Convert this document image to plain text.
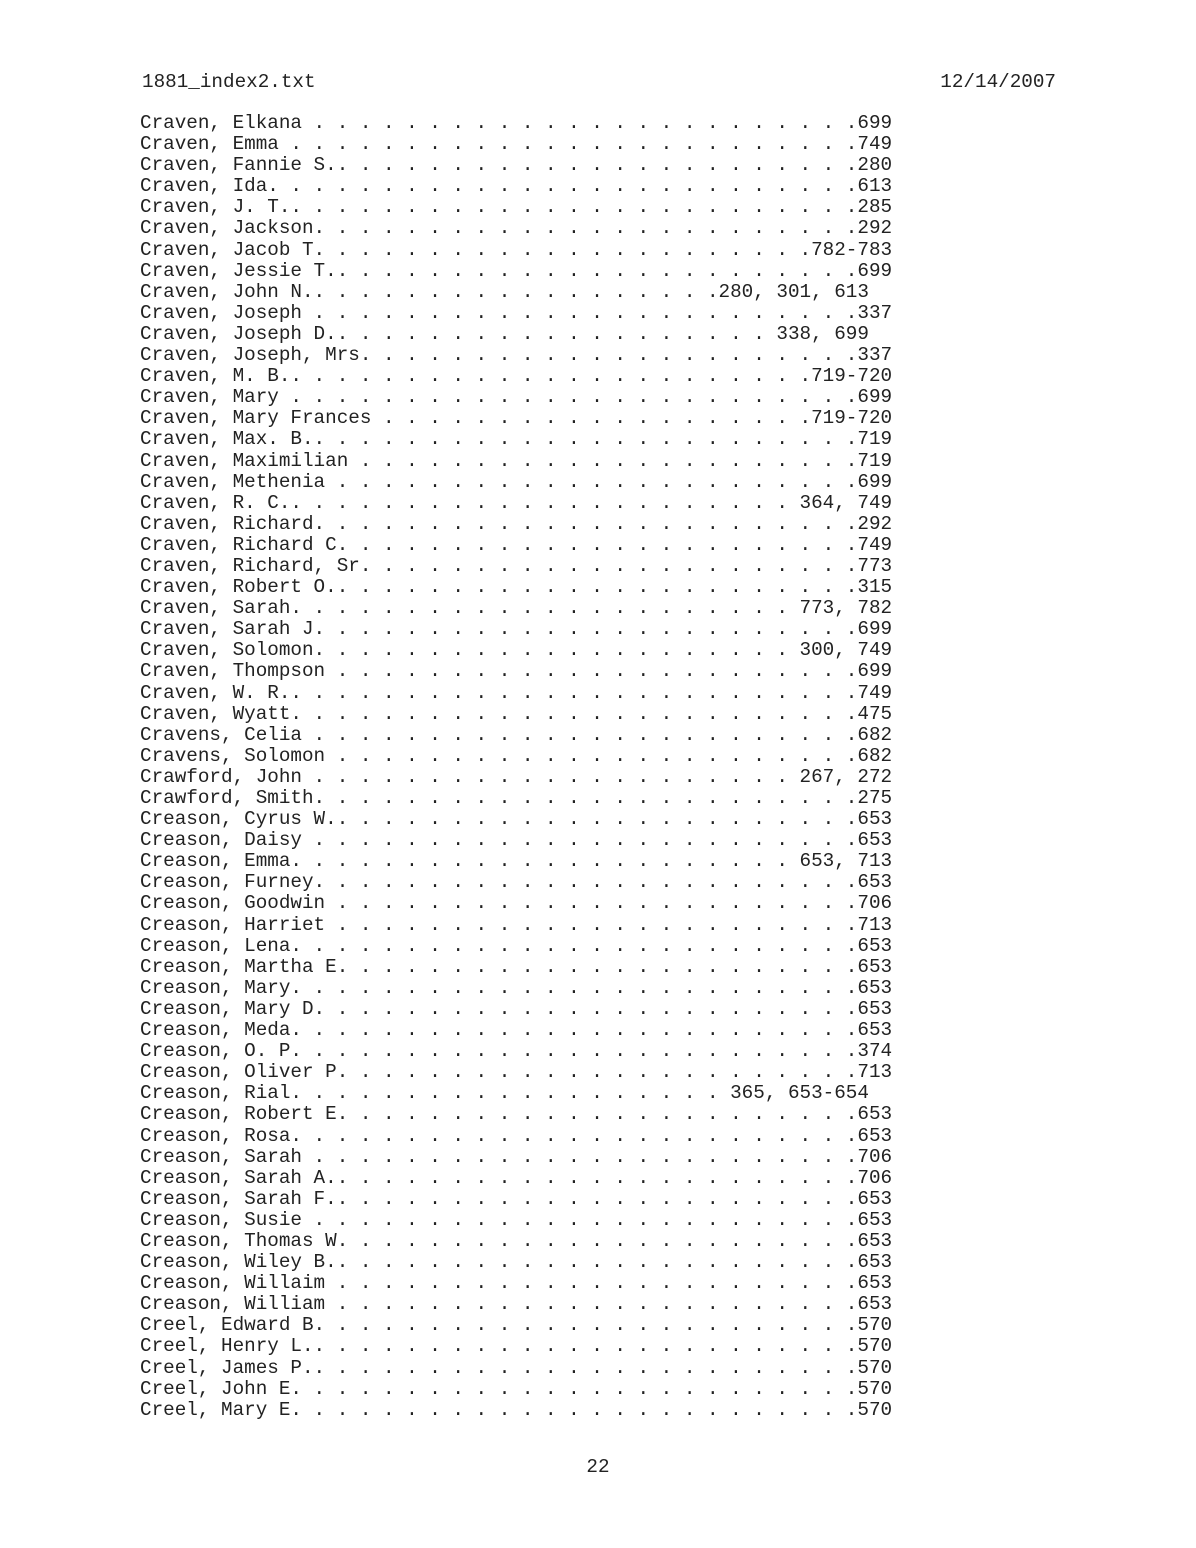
1881_index2.txt	12/14/2007
Craven, Elkana . . . . . . . . . . . . . . . . . . . . . . . .699
Craven, Emma . . . . . . . . . . . . . . . . . . . . . . . . .749
Craven, Fannie S.. . . . . . . . . . . . . . . . . . . . . . .280
Craven, Ida. . . . . . . . . . . . . . . . . . . . . . . . . .613
Craven, J. T.. . . . . . . . . . . . . . . . . . . . . . . . .285
Craven, Jackson. . . . . . . . . . . . . . . . . . . . . . . .292
Craven, Jacob T. . . . . . . . . . . . . . . . . . . . . .782-783
Craven, Jessie T.. . . . . . . . . . . . . . . . . . . . . . .699
Craven, John N.. . . . . . . . . . . . . . . . . .280, 301, 613
Craven, Joseph . . . . . . . . . . . . . . . . . . . . . . . .337
Craven, Joseph D.. . . . . . . . . . . . . . . . . . . 338, 699
Craven, Joseph, Mrs. . . . . . . . . . . . . . . . . . . . . .337
Craven, M. B.. . . . . . . . . . . . . . . . . . . . . . .719-720
Craven, Mary . . . . . . . . . . . . . . . . . . . . . . . . .699
Craven, Mary Frances . . . . . . . . . . . . . . . . . . .719-720
Craven, Max. B.. . . . . . . . . . . . . . . . . . . . . . . .719
Craven, Maximilian . . . . . . . . . . . . . . . . . . . . . .719
Craven, Methenia . . . . . . . . . . . . . . . . . . . . . . .699
Craven, R. C.. . . . . . . . . . . . . . . . . . . . . . 364, 749
Craven, Richard. . . . . . . . . . . . . . . . . . . . . . . .292
Craven, Richard C. . . . . . . . . . . . . . . . . . . . . . .749
Craven, Richard, Sr. . . . . . . . . . . . . . . . . . . . . .773
Craven, Robert O.. . . . . . . . . . . . . . . . . . . . . . .315
Craven, Sarah. . . . . . . . . . . . . . . . . . . . . . 773, 782
Craven, Sarah J. . . . . . . . . . . . . . . . . . . . . . . .699
Craven, Solomon. . . . . . . . . . . . . . . . . . . . . 300, 749
Craven, Thompson . . . . . . . . . . . . . . . . . . . . . . .699
Craven, W. R.. . . . . . . . . . . . . . . . . . . . . . . . .749
Craven, Wyatt. . . . . . . . . . . . . . . . . . . . . . . . .475
Cravens, Celia . . . . . . . . . . . . . . . . . . . . . . . .682
Cravens, Solomon . . . . . . . . . . . . . . . . . . . . . . .682
Crawford, John . . . . . . . . . . . . . . . . . . . . . 267, 272
Crawford, Smith. . . . . . . . . . . . . . . . . . . . . . . .275
Creason, Cyrus W.. . . . . . . . . . . . . . . . . . . . . . .653
Creason, Daisy . . . . . . . . . . . . . . . . . . . . . . . .653
Creason, Emma. . . . . . . . . . . . . . . . . . . . . . 653, 713
Creason, Furney. . . . . . . . . . . . . . . . . . . . . . . .653
Creason, Goodwin . . . . . . . . . . . . . . . . . . . . . . .706
Creason, Harriet . . . . . . . . . . . . . . . . . . . . . . .713
Creason, Lena. . . . . . . . . . . . . . . . . . . . . . . . .653
Creason, Martha E. . . . . . . . . . . . . . . . . . . . . . .653
Creason, Mary. . . . . . . . . . . . . . . . . . . . . . . . .653
Creason, Mary D. . . . . . . . . . . . . . . . . . . . . . . .653
Creason, Meda. . . . . . . . . . . . . . . . . . . . . . . . .653
Creason, O. P. . . . . . . . . . . . . . . . . . . . . . . . .374
Creason, Oliver P. . . . . . . . . . . . . . . . . . . . . . .713
Creason, Rial. . . . . . . . . . . . . . . . . . . 365, 653-654
Creason, Robert E. . . . . . . . . . . . . . . . . . . . . . .653
Creason, Rosa. . . . . . . . . . . . . . . . . . . . . . . . .653
Creason, Sarah . . . . . . . . . . . . . . . . . . . . . . . .706
Creason, Sarah A.. . . . . . . . . . . . . . . . . . . . . . .706
Creason, Sarah F.. . . . . . . . . . . . . . . . . . . . . . .653
Creason, Susie . . . . . . . . . . . . . . . . . . . . . . . .653
Creason, Thomas W. . . . . . . . . . . . . . . . . . . . . . .653
Creason, Wiley B.. . . . . . . . . . . . . . . . . . . . . . .653
Creason, Willaim . . . . . . . . . . . . . . . . . . . . . . .653
Creason, William . . . . . . . . . . . . . . . . . . . . . . .653
Creel, Edward B. . . . . . . . . . . . . . . . . . . . . . . .570
Creel, Henry L.. . . . . . . . . . . . . . . . . . . . . . . .570
Creel, James P.. . . . . . . . . . . . . . . . . . . . . . . .570
Creel, John E. . . . . . . . . . . . . . . . . . . . . . . . .570
Creel, Mary E. . . . . . . . . . . . . . . . . . . . . . . . .570
22
